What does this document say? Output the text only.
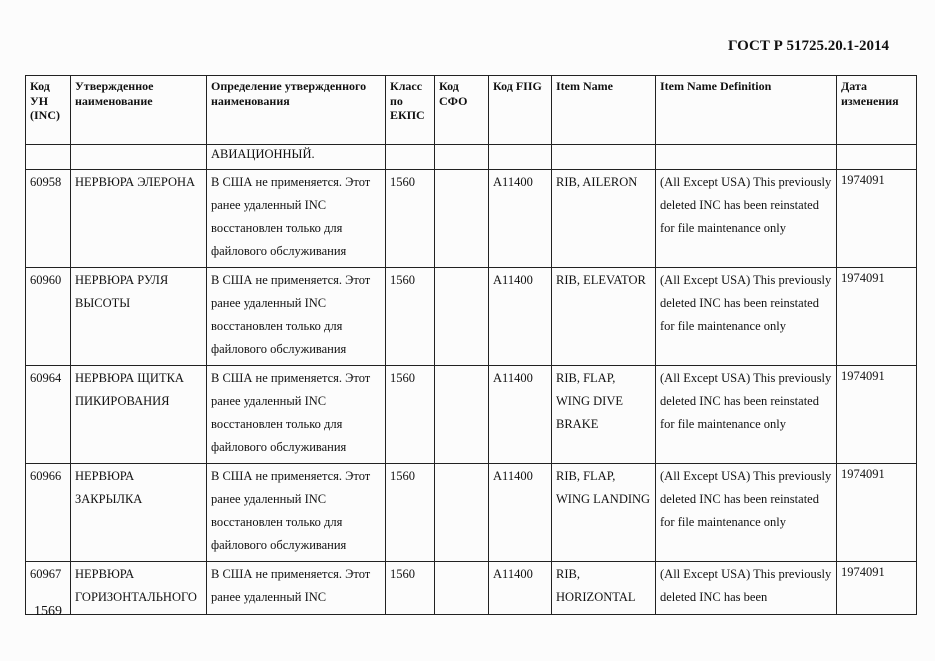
ГОСТ Р 51725.20.1-2014
Код УН (INC)	Утвержденное наименование	Определение утвержденного наименования	Класс по ЕКПС	Код СФО	Код FIIG	Item Name	Item Name Definition	Дата изменения
		АВИАЦИОННЫЙ.						
60958	НЕРВЮРА ЭЛЕРОНА	В США не применяется. Этот ранее удаленный INC восстановлен только для файлового обслуживания	1560		A11400	RIB, AILERON	(All Except USA) This previously deleted INC has been reinstated for file maintenance only	1974091
60960	НЕРВЮРА РУЛЯ ВЫСОТЫ	В США не применяется. Этот ранее удаленный INC восстановлен только для файлового обслуживания	1560		A11400	RIB, ELEVATOR	(All Except USA) This previously deleted INC has been reinstated for file maintenance only	1974091
60964	НЕРВЮРА ЩИТКА ПИКИРОВАНИЯ	В США не применяется. Этот ранее удаленный INC восстановлен только для файлового обслуживания	1560		A11400	RIB, FLAP, WING DIVE BRAKE	(All Except USA) This previously deleted INC has been reinstated for file maintenance only	1974091
60966	НЕРВЮРА ЗАКРЫЛКА	В США не применяется. Этот ранее удаленный INC восстановлен только для файлового обслуживания	1560		A11400	RIB, FLAP, WING LANDING	(All Except USA) This previously deleted INC has been reinstated for file maintenance only	1974091
60967	НЕРВЮРА ГОРИЗОНТАЛЬНОГО	В США не применяется. Этот ранее удаленный INC	1560		A11400	RIB, HORIZONTAL	(All Except USA) This previously deleted INC has been	1974091
1569
